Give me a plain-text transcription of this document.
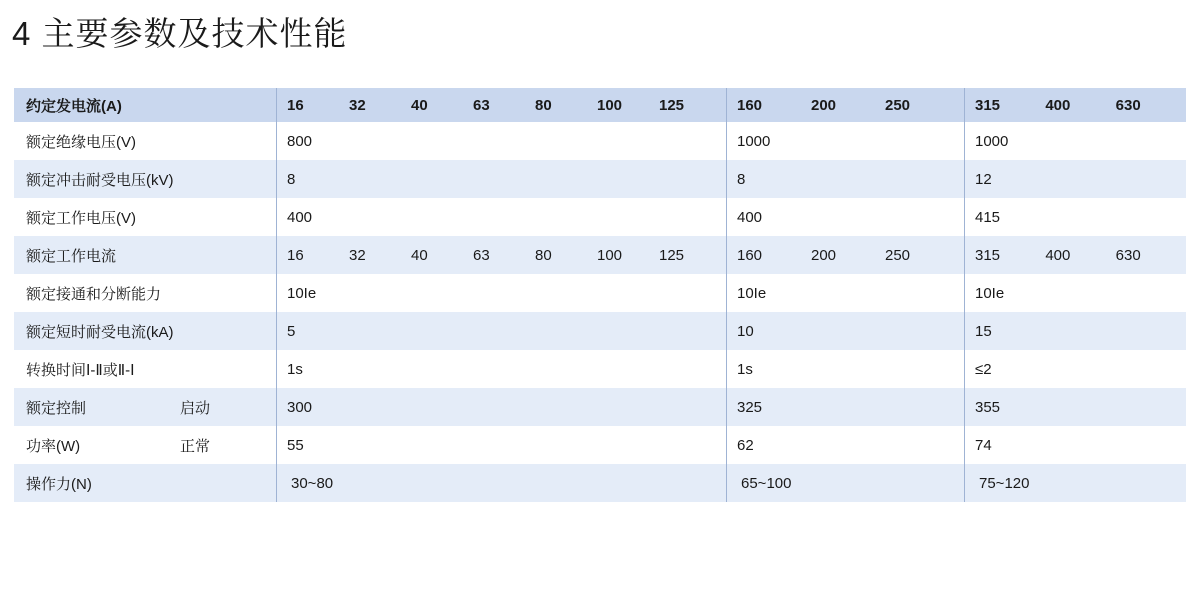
4 主要参数及技术性能
约定发电流(A)	16	32	40	63	80	100	125	160	200	250	315	400	630

额定绝缘电压(V)	800	1000	1000

额定冲击耐受电压(kV)	8	8	12

额定工作电压(V)	400	400	415

额定工作电流	16	32	40	63	80	100	125	160	200	250	315	400	630

额定接通和分断能力	10Ie	10Ie	10Ie

额定短时耐受电流(kA)	5	10	15

转换时间Ⅰ-Ⅱ或Ⅱ-Ⅰ	1s	1s	≤2

额定控制 启动	300	325	355

功率(W) 正常	55	62	74

操作力(N)	30~80	65~100	75~120
